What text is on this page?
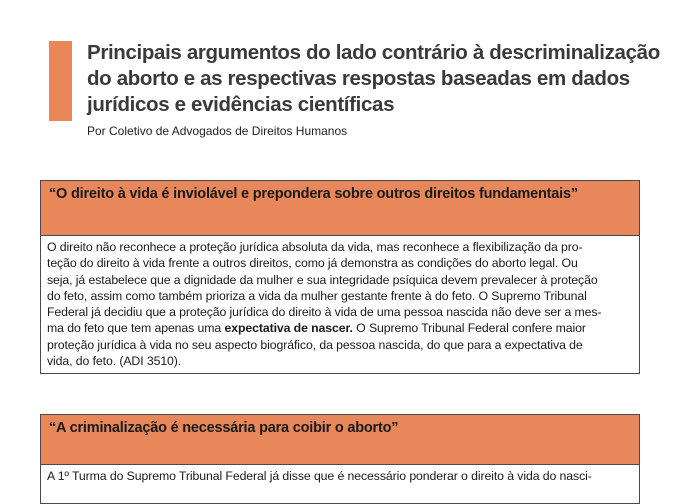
Principais argumentos do lado contrário à descriminalização do aborto e as respectivas respostas baseadas em dados jurídicos e evidências científicas

Por Coletivo de Advogados de Direitos Humanos

“O direito à vida é inviolável e prepondera sobre outros direitos fundamentais”
O direito não reconhece a proteção jurídica absoluta da vida, mas reconhece a flexibilização da pro-
teção do direito à vida frente a outros direitos, como já demonstra as condições do aborto legal. Ou
seja, já estabelece que a dignidade da mulher e sua integridade psíquica devem prevalecer à proteção
do feto, assim como também prioriza a vida da mulher gestante frente à do feto. O Supremo Tribunal
Federal já decidiu que a proteção jurídica do direito à vida de uma pessoa nascida não deve ser a mes-
ma do feto que tem apenas uma expectativa de nascer. O Supremo Tribunal Federal confere maior
proteção jurídica à vida no seu aspecto biográfico, da pessoa nascida, do que para a expectativa de
vida, do feto. (ADI 3510).
“A criminalização é necessária para coibir o aborto”
A 1º Turma do Supremo Tribunal Federal já disse que é necessário ponderar o direito à vida do nasci-
